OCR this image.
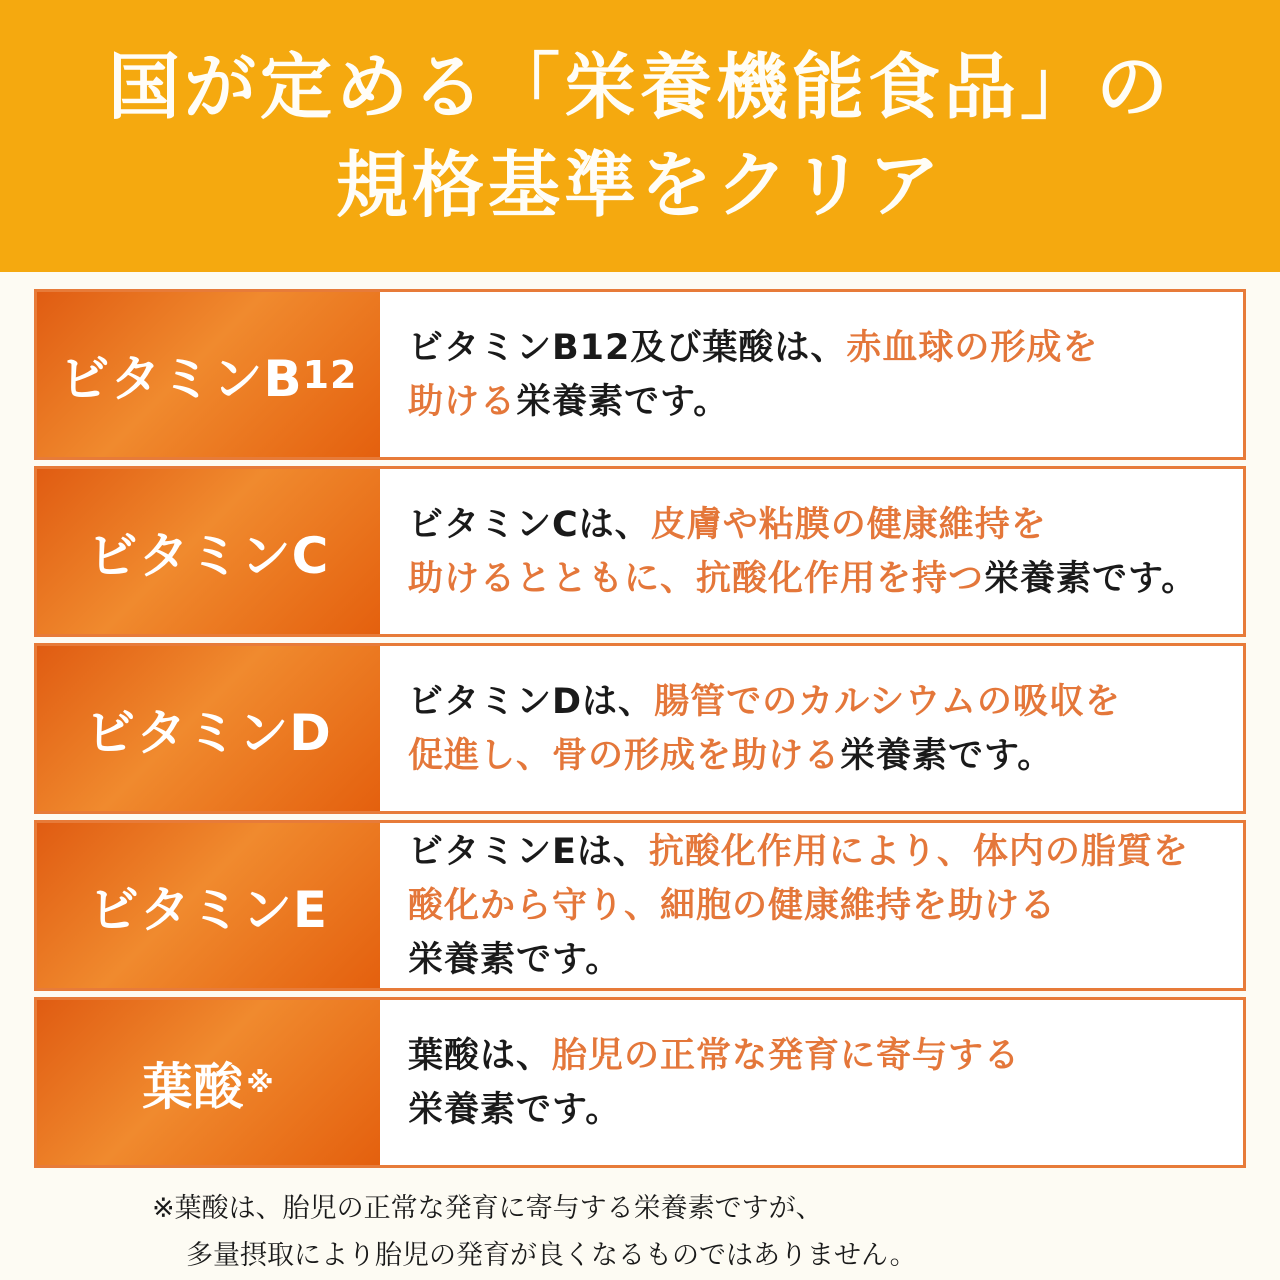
国が定める「栄養機能食品」の
規格基準をクリア
ビタミンB 12
ビタミンB12及び葉酸は、赤血球の形成を
助ける栄養素です。
ビタミンC
ビタミンCは、皮膚や粘膜の健康維持を
助けるとともに、抗酸化作用を持つ栄養素です。
ビタミンD
ビタミンDは、腸管でのカルシウムの吸収を
促進し、骨の形成を助ける栄養素です。
ビタミンE
ビタミンEは、抗酸化作用により、体内の脂質を
酸化から守り、細胞の健康維持を助ける
栄養素です。
葉酸 ※
葉酸は、胎児の正常な発育に寄与する
栄養素です。
※葉酸は、胎児の正常な発育に寄与する栄養素ですが、
多量摂取により胎児の発育が良くなるものではありません。
